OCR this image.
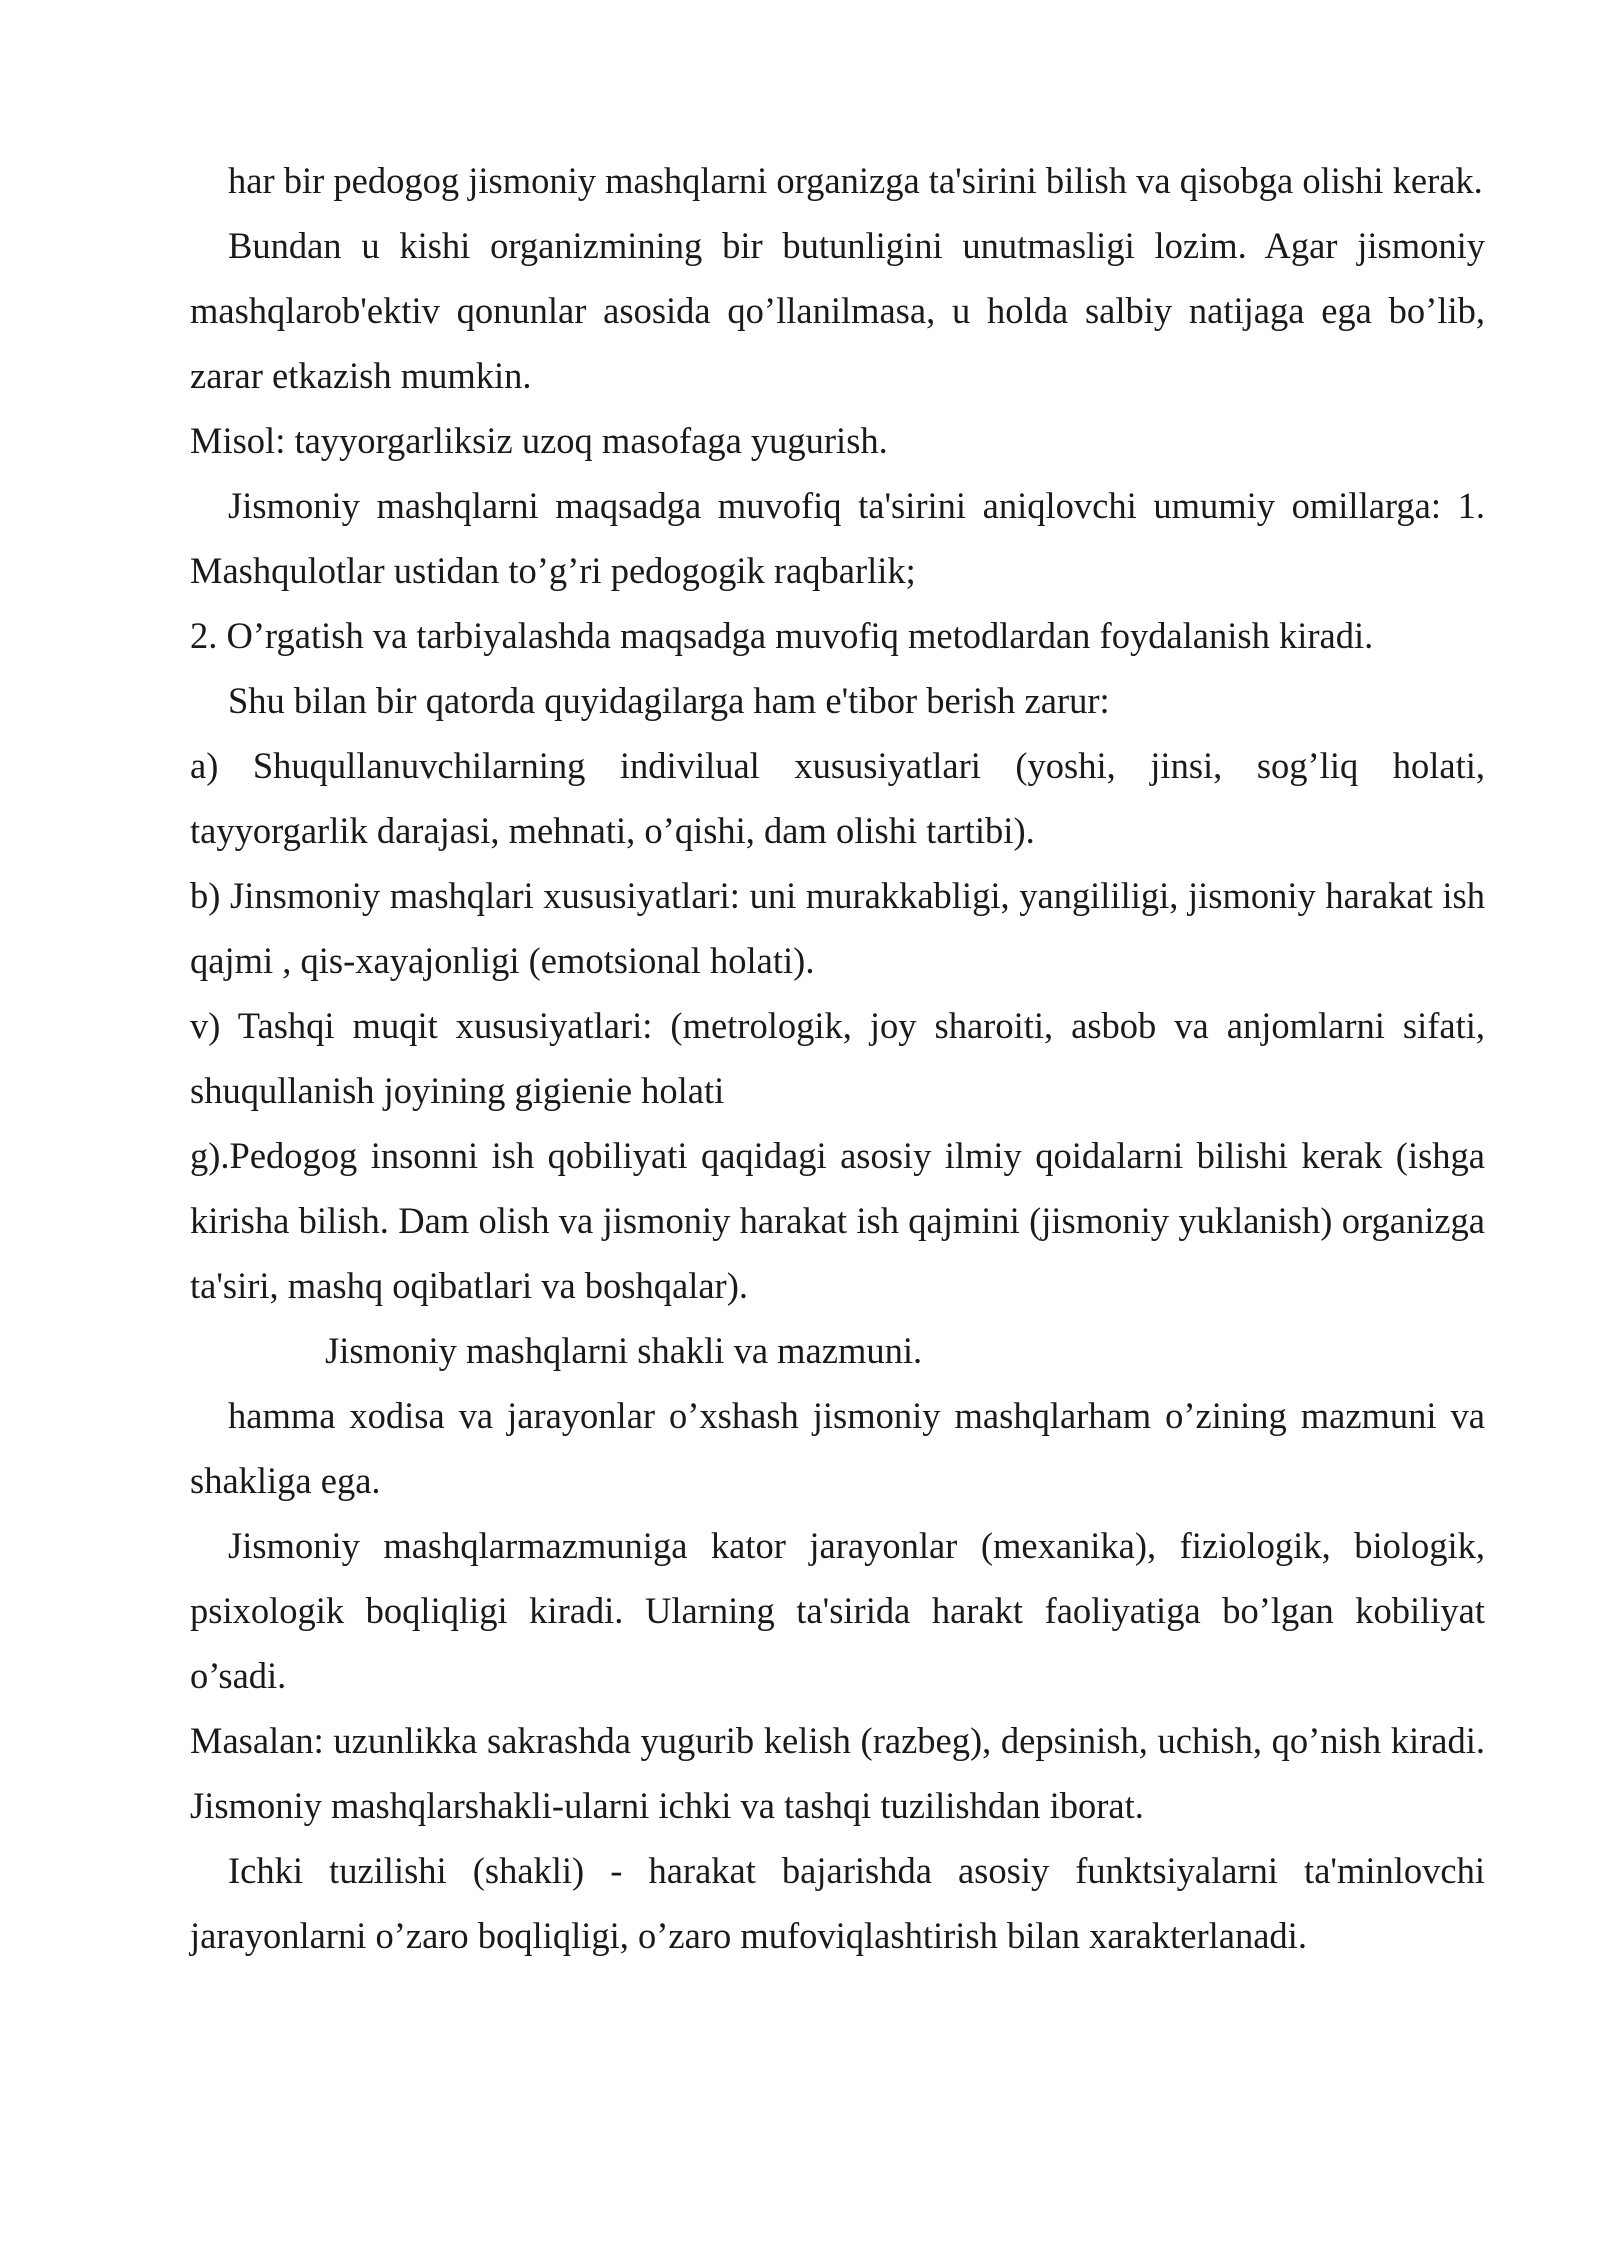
har bir pedogog jismoniy mashqlarni organizga ta'sirini bilish va qisobga olishi kerak.

Bundan u kishi organizmining bir butunligini unutmasligi lozim. Agar jismoniy mashqlarob'ektiv qonunlar asosida qo’llanilmasa, u holda salbiy natijaga ega bo’lib, zarar etkazish mumkin.

Misol: tayyorgarliksiz uzoq masofaga yugurish.

Jismoniy mashqlarni maqsadga muvofiq ta'sirini aniqlovchi umumiy omillarga: 1. Mashqulotlar ustidan to’g’ri pedogogik raqbarlik;

2. O’rgatish va tarbiyalashda maqsadga muvofiq metodlardan foydalanish kiradi.

Shu bilan bir qatorda quyidagilarga ham e'tibor berish zarur:

a) Shuqullanuvchilarning indivilual xususiyatlari (yoshi, jinsi, sog’liq holati, tayyorgarlik darajasi, mehnati, o’qishi, dam olishi tartibi).

b) Jinsmoniy mashqlari xususiyatlari: uni murakkabligi, yangililigi, jismoniy harakat ish qajmi , qis-xayajonligi (emotsional holati).

v) Tashqi muqit xususiyatlari: (metrologik, joy sharoiti, asbob va anjomlarni sifati, shuqullanish joyining gigienie holati

g).Pedogog insonni ish qobiliyati qaqidagi asosiy ilmiy qoidalarni bilishi kerak (ishga kirisha bilish. Dam olish va jismoniy harakat ish qajmini (jismoniy yuklanish) organizga ta'siri, mashq oqibatlari va boshqalar).

Jismoniy mashqlarni shakli va mazmuni.

hamma xodisa va jarayonlar o’xshash jismoniy mashqlarham o’zining mazmuni va shakliga ega.

Jismoniy mashqlarmazmuniga kator jarayonlar (mexanika), fiziologik, biologik, psixologik boqliqligi kiradi. Ularning ta'sirida harakt faoliyatiga bo’lgan kobiliyat o’sadi.

Masalan: uzunlikka sakrashda yugurib kelish (razbeg), depsinish, uchish, qo’nish kiradi. Jismoniy mashqlarshakli-ularni ichki va tashqi tuzilishdan iborat.

Ichki tuzilishi (shakli) - harakat bajarishda asosiy funktsiyalarni ta'minlovchi jarayonlarni o’zaro boqliqligi, o’zaro mufoviqlashtirish bilan xarakterlanadi.
